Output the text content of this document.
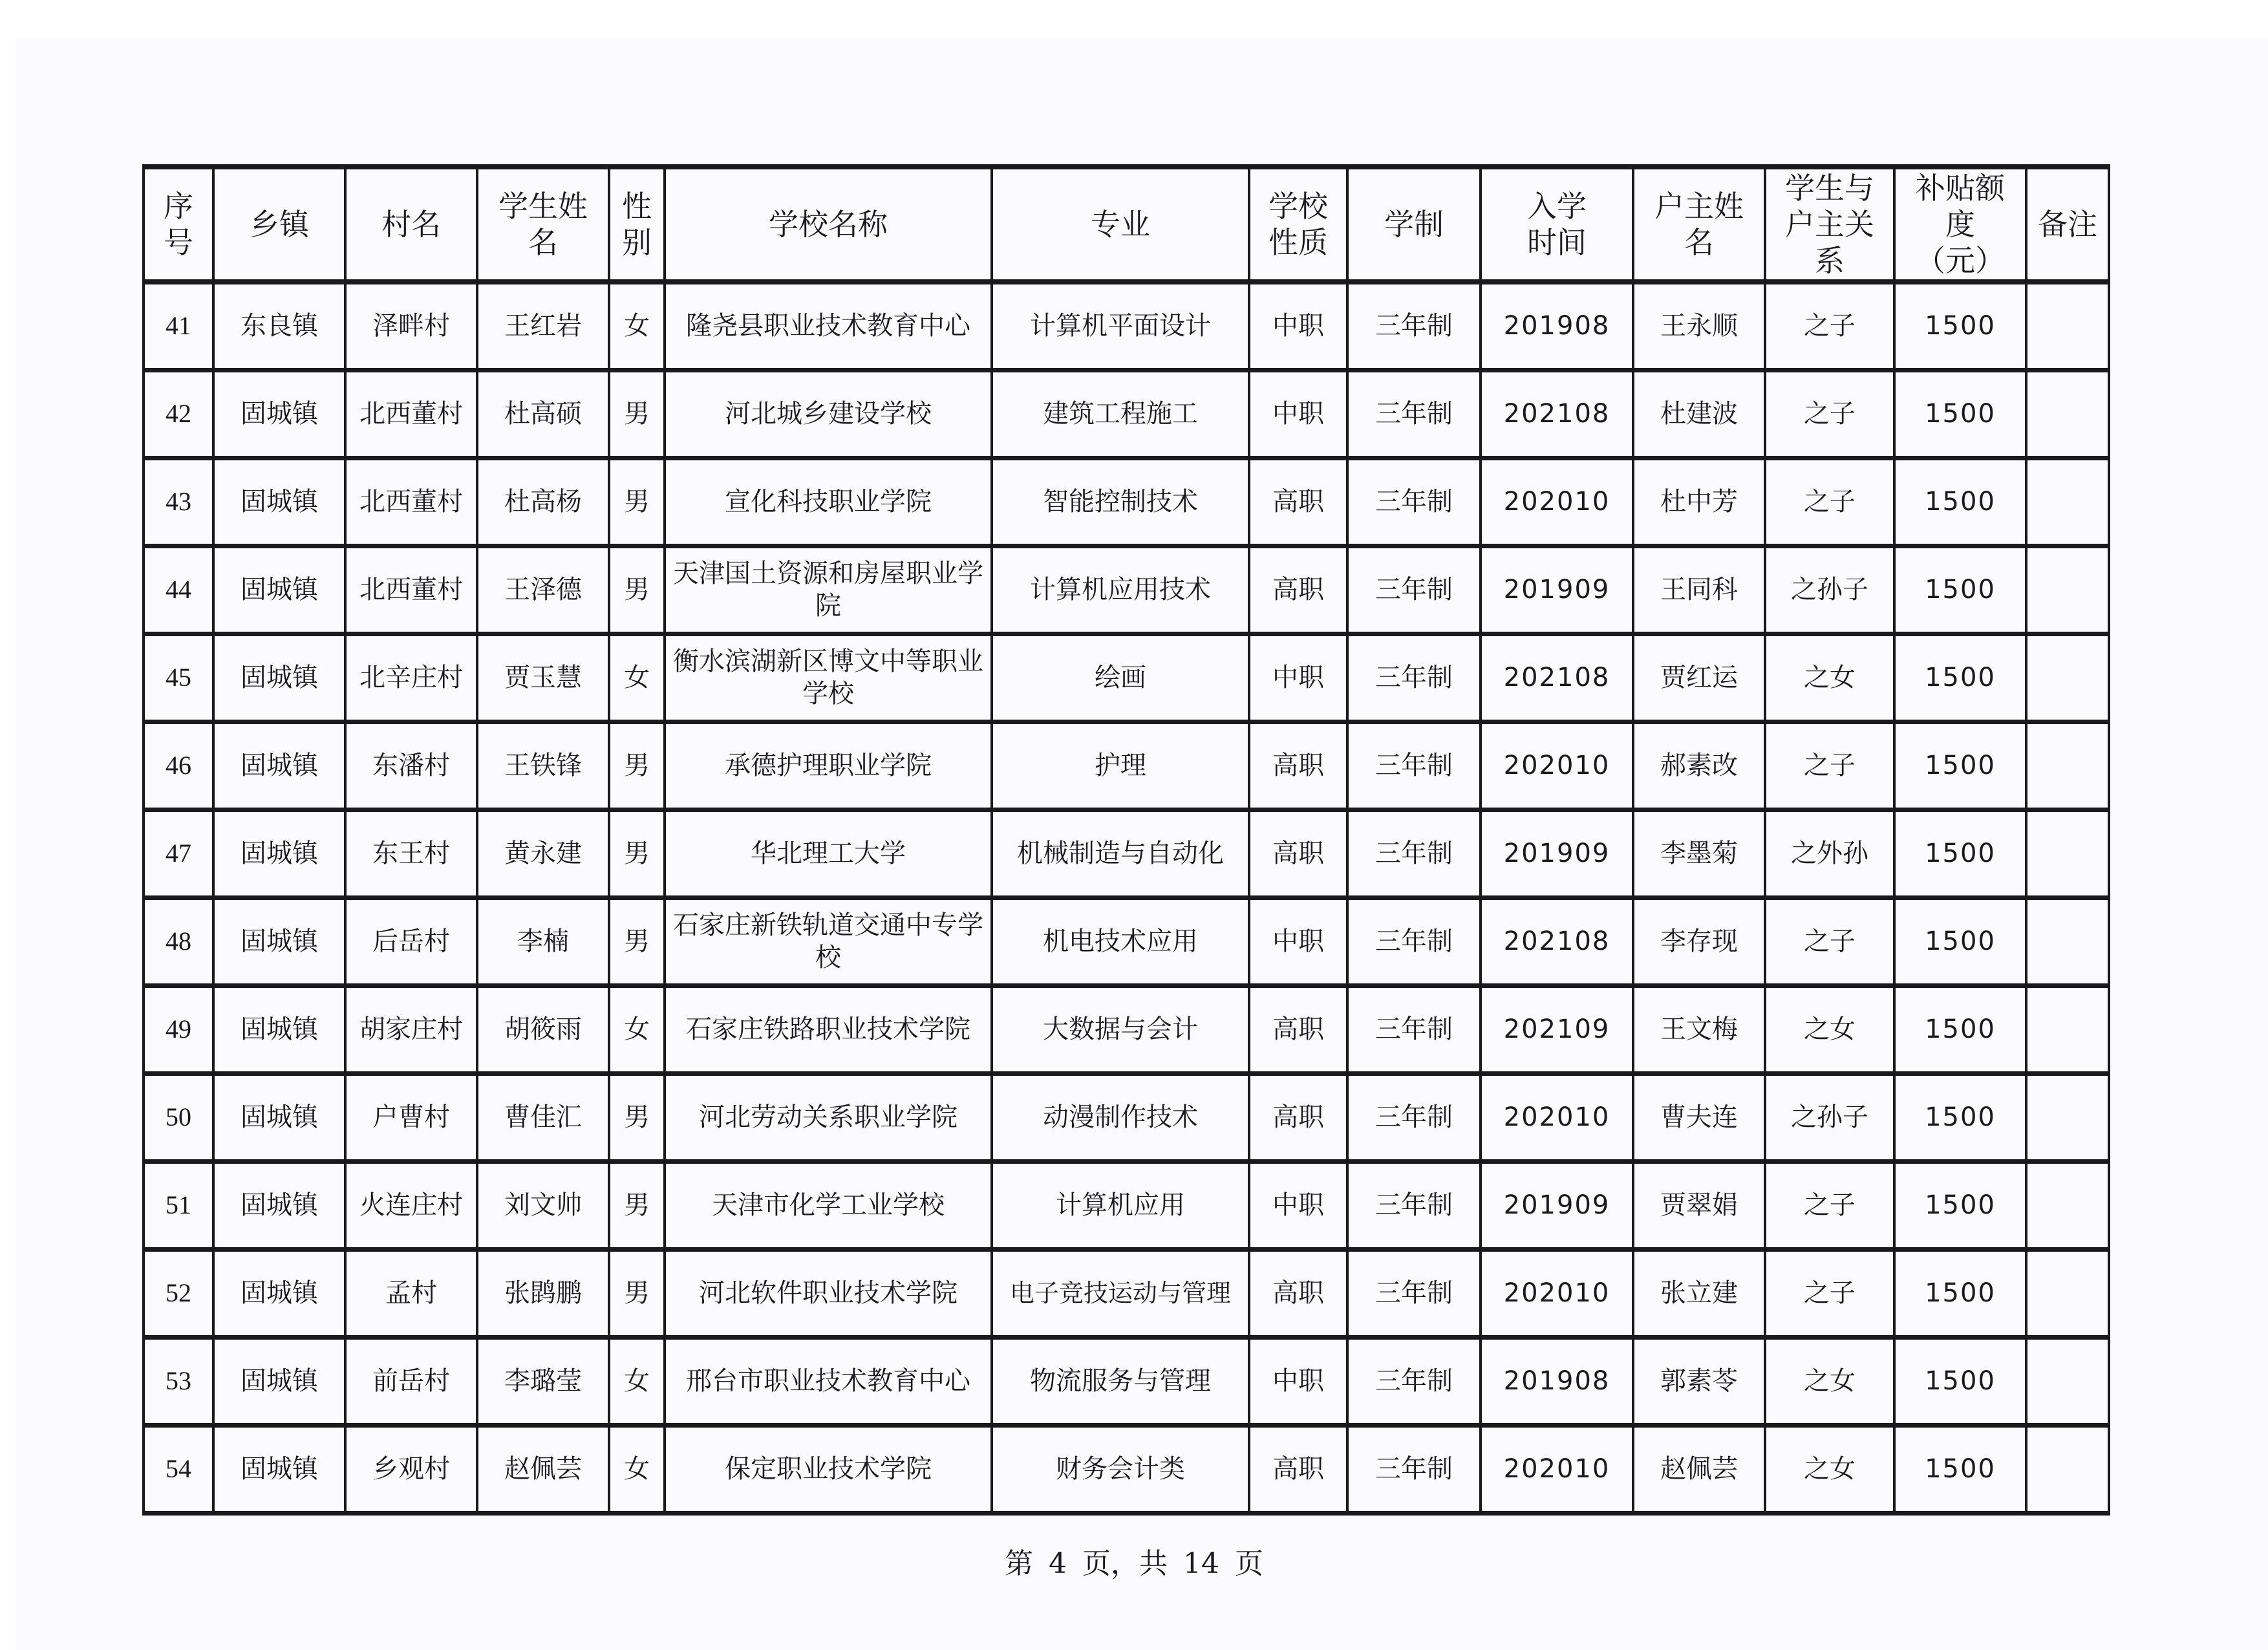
序号	乡镇	村名	学生姓名	性别	学校名称	专业	学校性质	学制	入学时间	户主姓名	学生与户主关系	补贴额度（元）	备注
41	东良镇	泽畔村	王红岩	女	隆尧县职业技术教育中心	计算机平面设计	中职	三年制	201908	王永顺	之子	1500	
42	固城镇	北西董村	杜高硕	男	河北城乡建设学校	建筑工程施工	中职	三年制	202108	杜建波	之子	1500	
43	固城镇	北西董村	杜高杨	男	宣化科技职业学院	智能控制技术	高职	三年制	202010	杜中芳	之子	1500	
44	固城镇	北西董村	王泽德	男	天津国土资源和房屋职业学院	计算机应用技术	高职	三年制	201909	王同科	之孙子	1500	
45	固城镇	北辛庄村	贾玉慧	女	衡水滨湖新区博文中等职业学校	绘画	中职	三年制	202108	贾红运	之女	1500	
46	固城镇	东潘村	王铁锋	男	承德护理职业学院	护理	高职	三年制	202010	郝素改	之子	1500	
47	固城镇	东王村	黄永建	男	华北理工大学	机械制造与自动化	高职	三年制	201909	李墨菊	之外孙	1500	
48	固城镇	后岳村	李楠	男	石家庄新铁轨道交通中专学校	机电技术应用	中职	三年制	202108	李存现	之子	1500	
49	固城镇	胡家庄村	胡筱雨	女	石家庄铁路职业技术学院	大数据与会计	高职	三年制	202109	王文梅	之女	1500	
50	固城镇	户曹村	曹佳汇	男	河北劳动关系职业学院	动漫制作技术	高职	三年制	202010	曹夫连	之孙子	1500	
51	固城镇	火连庄村	刘文帅	男	天津市化学工业学校	计算机应用	中职	三年制	201909	贾翠娟	之子	1500	
52	固城镇	孟村	张鹍鹏	男	河北软件职业技术学院	电子竞技运动与管理	高职	三年制	202010	张立建	之子	1500	
53	固城镇	前岳村	李璐莹	女	邢台市职业技术教育中心	物流服务与管理	中职	三年制	201908	郭素苓	之女	1500	
54	固城镇	乡观村	赵佩芸	女	保定职业技术学院	财务会计类	高职	三年制	202010	赵佩芸	之女	1500	
第 4 页，共 14 页
